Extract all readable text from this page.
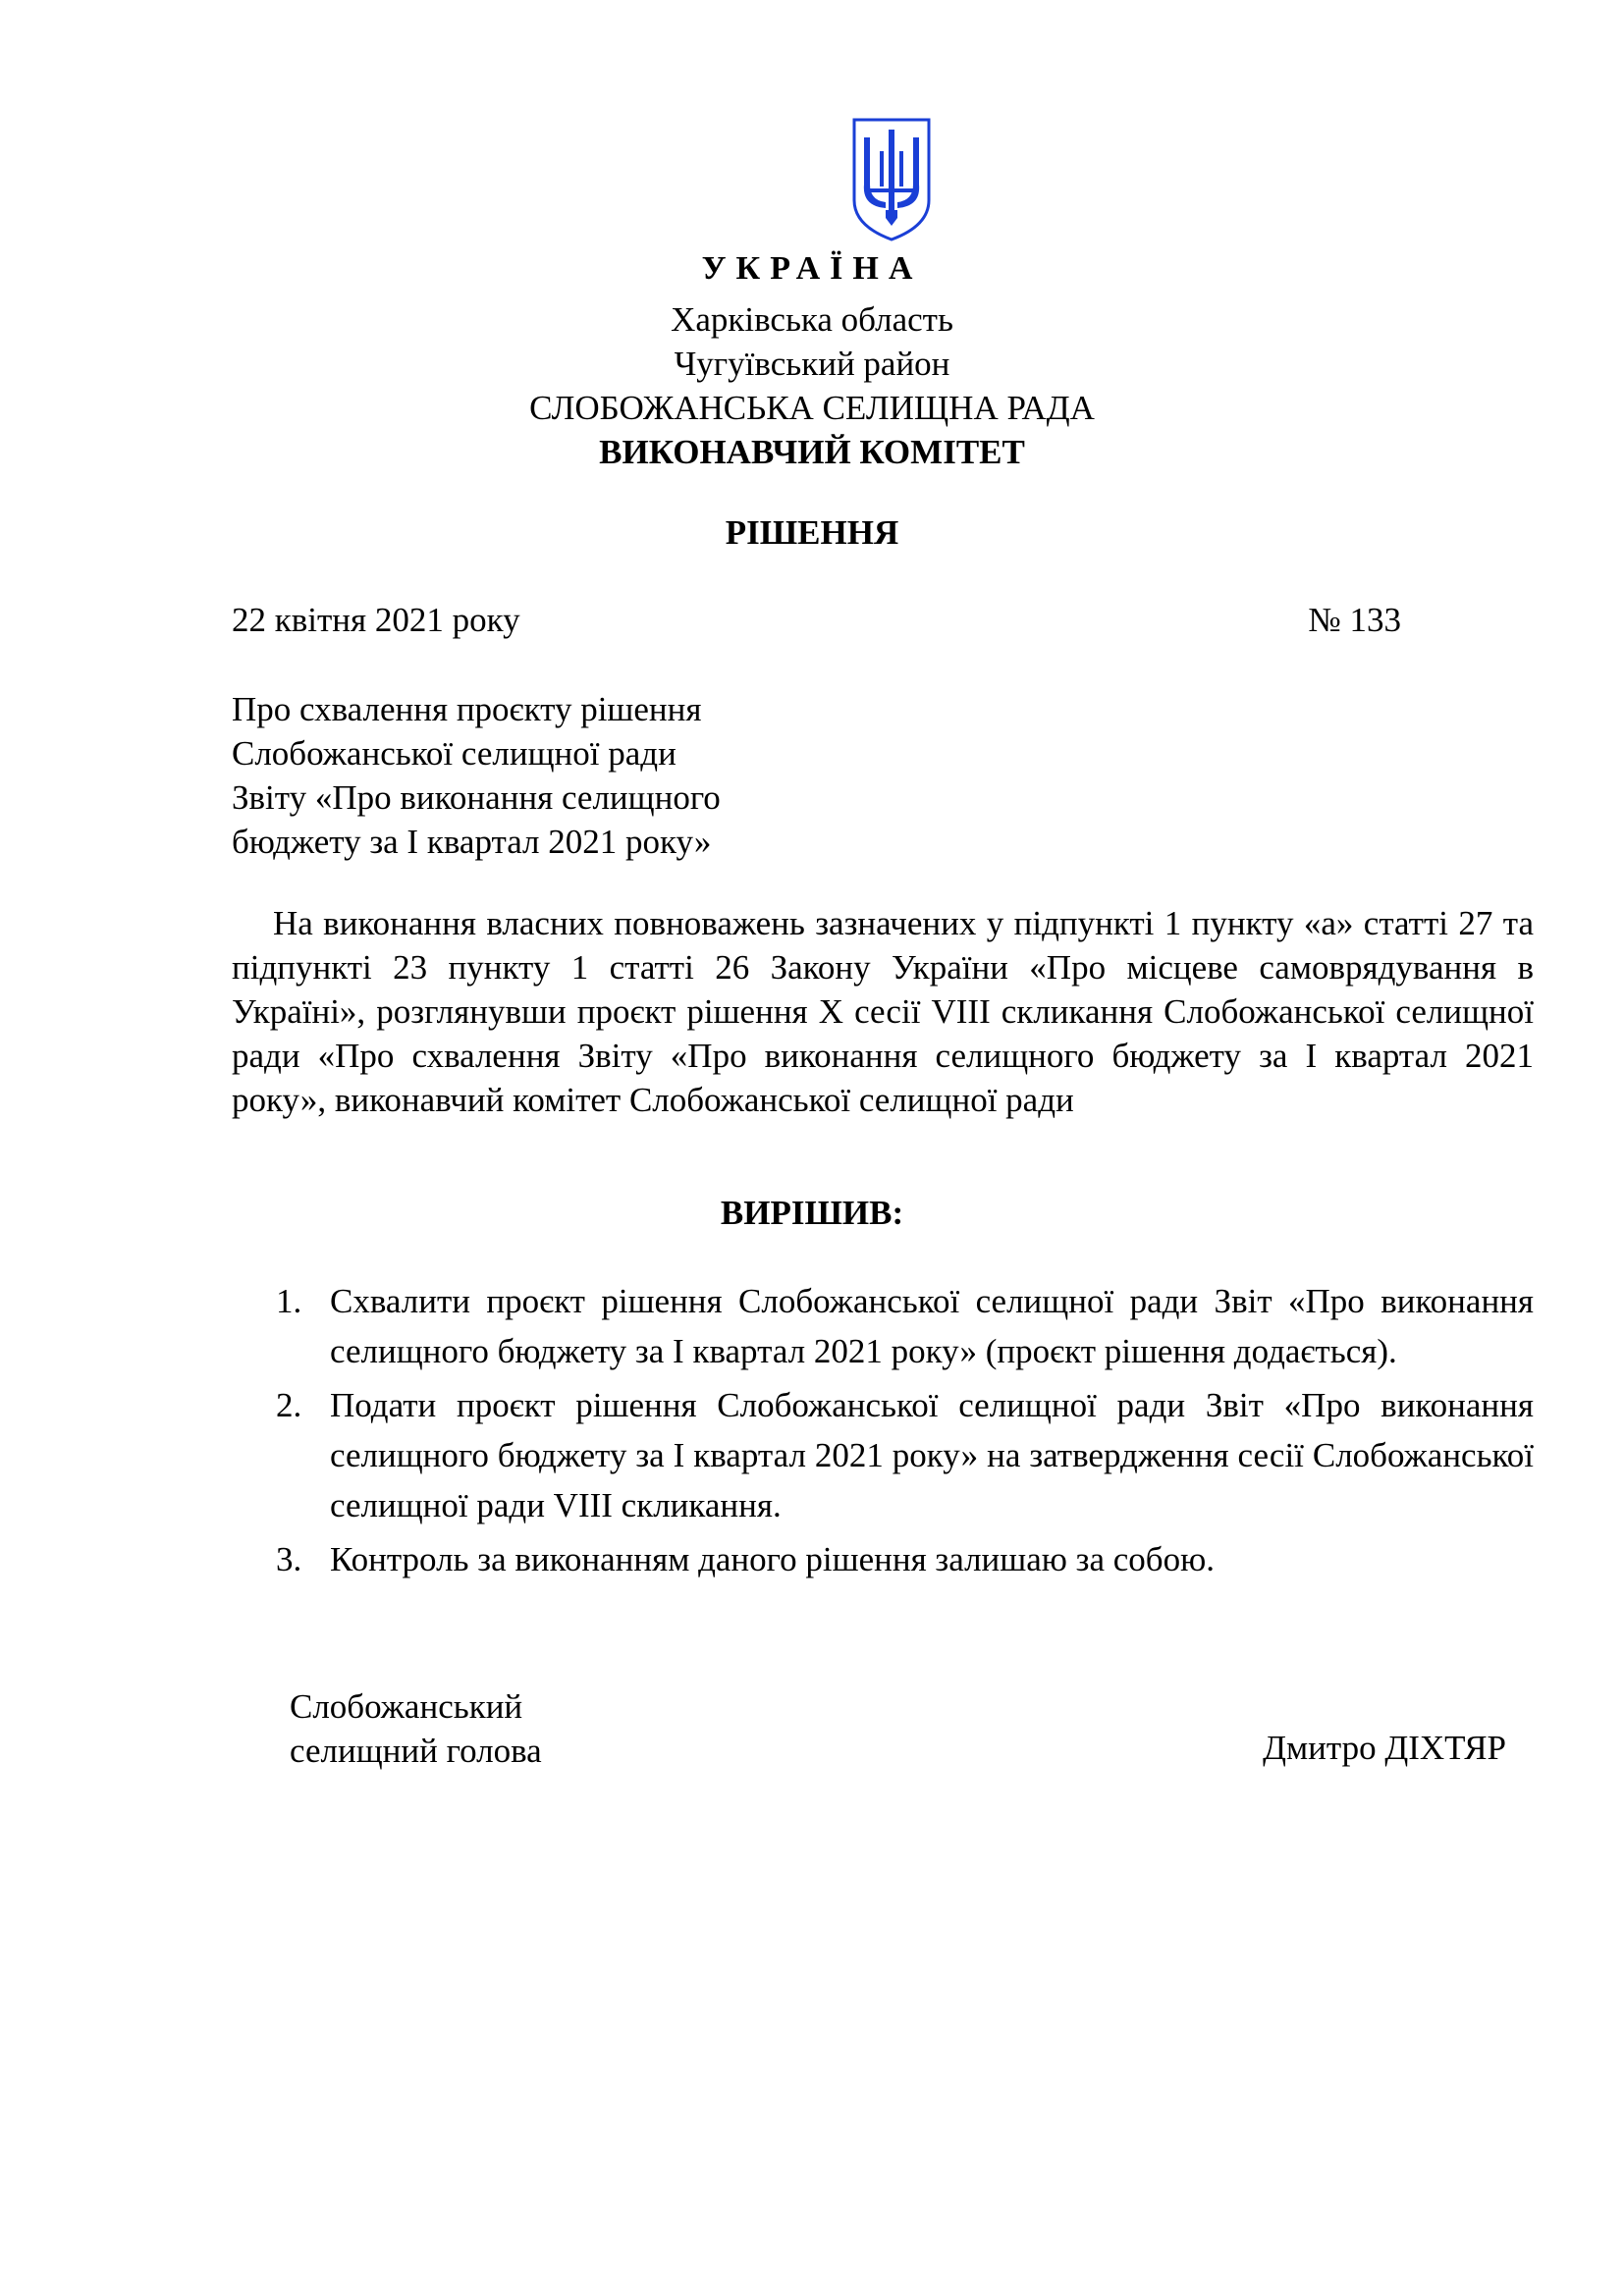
УКРАЇНА
Харківська область
Чугуївський район
СЛОБОЖАНСЬКА СЕЛИЩНА РАДА
ВИКОНАВЧИЙ КОМІТЕТ
РІШЕННЯ
22 квітня 2021 року	№ 133
Про схвалення проєкту рішення
Слобожанської селищної ради
Звіту «Про виконання селищного
бюджету за І квартал 2021 року»
На виконання власних повноважень зазначених у підпункті 1 пункту «а» статті 27 та підпункті 23 пункту 1 статті 26 Закону України «Про місцеве самоврядування в Україні», розглянувши проєкт рішення Х сесії VIII скликання Слобожанської селищної ради «Про схвалення Звіту «Про виконання селищного бюджету за І квартал 2021 року», виконавчий комітет Слобожанської селищної ради
ВИРІШИВ:
1. Схвалити проєкт рішення Слобожанської селищної ради Звіт «Про виконання селищного бюджету за І квартал 2021 року» (проєкт рішення додається).
2. Подати проєкт рішення Слобожанської селищної ради Звіт «Про виконання селищного бюджету за І квартал 2021 року» на затвердження сесії Слобожанської селищної ради VIII скликання.
3. Контроль за виконанням даного рішення залишаю за собою.
Слобожанський
селищний голова	Дмитро ДІХТЯР
